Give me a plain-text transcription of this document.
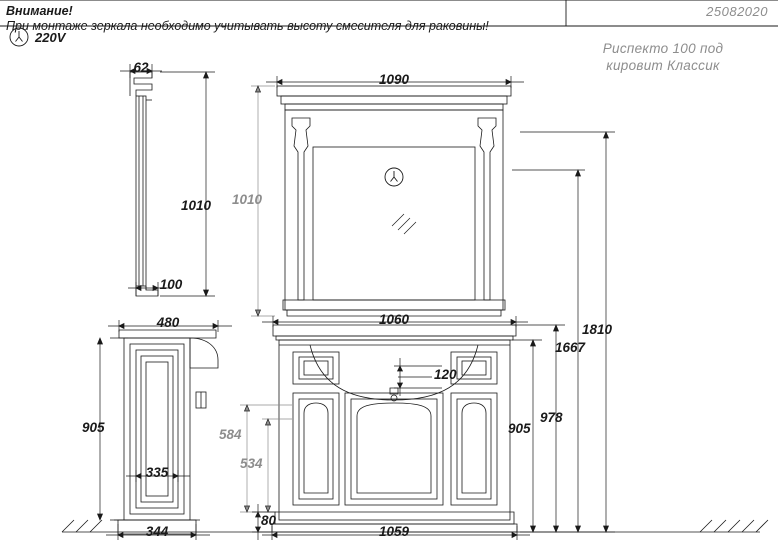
Внимание!
При монтаже зеркала необходимо учитывать высоту смесителя для раковины!
220V
25082020
Риспекто 100 под
кировит Классик
62
1010 1010
100
480
1090
1060
120
905
335
344	1059
1810
1667
978
905
584
534
80
